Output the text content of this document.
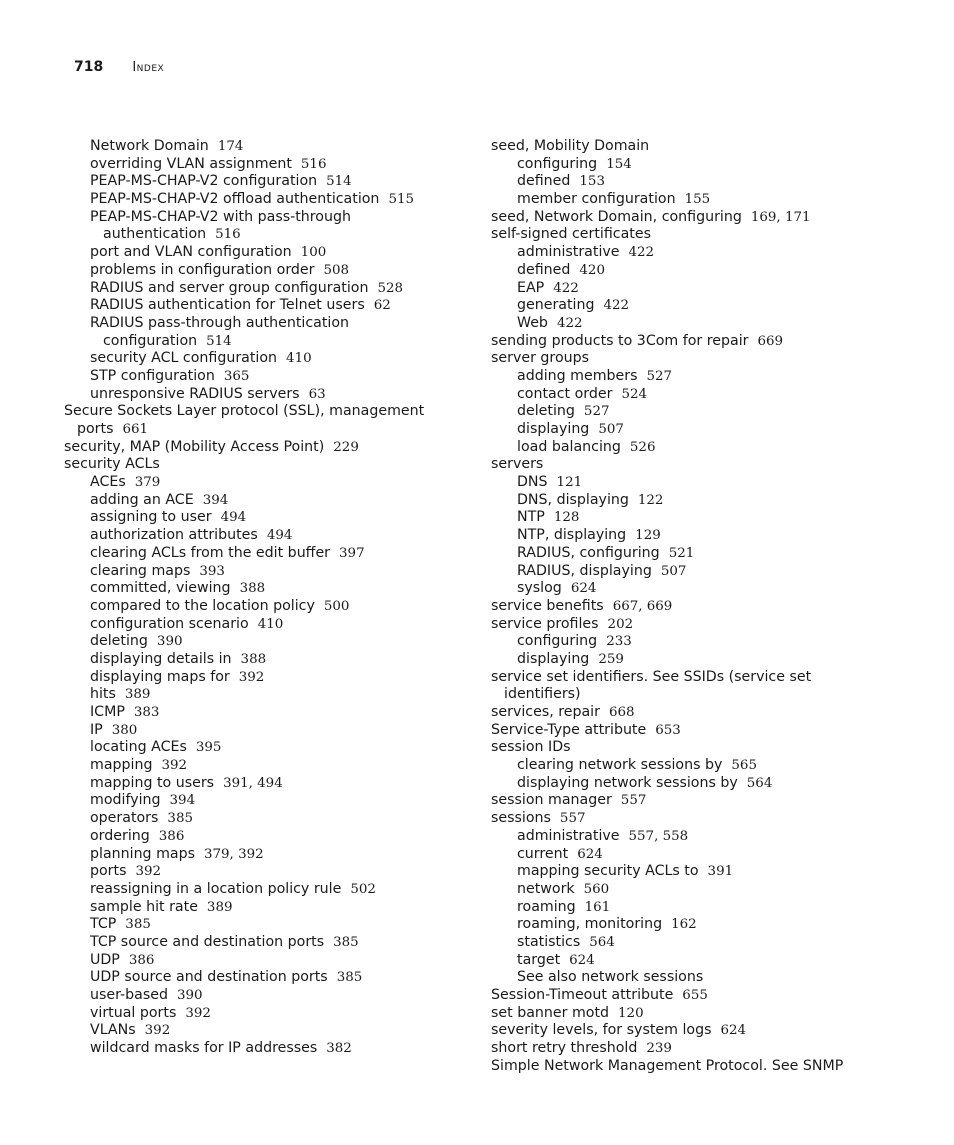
718 Index
Network Domain 174
overriding VLAN assignment 516
PEAP-MS-CHAP-V2 configuration 514
PEAP-MS-CHAP-V2 offload authentication 515
PEAP-MS-CHAP-V2 with pass-through
authentication 516
port and VLAN configuration 100
problems in configuration order 508
RADIUS and server group configuration 528
RADIUS authentication for Telnet users 62
RADIUS pass-through authentication
configuration 514
security ACL configuration 410
STP configuration 365
unresponsive RADIUS servers 63
Secure Sockets Layer protocol (SSL), management
ports 661
security, MAP (Mobility Access Point) 229
security ACLs
ACEs 379
adding an ACE 394
assigning to user 494
authorization attributes 494
clearing ACLs from the edit buffer 397
clearing maps 393
committed, viewing 388
compared to the location policy 500
configuration scenario 410
deleting 390
displaying details in 388
displaying maps for 392
hits 389
ICMP 383
IP 380
locating ACEs 395
mapping 392
mapping to users 391, 494
modifying 394
operators 385
ordering 386
planning maps 379, 392
ports 392
reassigning in a location policy rule 502
sample hit rate 389
TCP 385
TCP source and destination ports 385
UDP 386
UDP source and destination ports 385
user-based 390
virtual ports 392
VLANs 392
wildcard masks for IP addresses 382
seed, Mobility Domain
configuring 154
defined 153
member configuration 155
seed, Network Domain, configuring 169, 171
self-signed certificates
administrative 422
defined 420
EAP 422
generating 422
Web 422
sending products to 3Com for repair 669
server groups
adding members 527
contact order 524
deleting 527
displaying 507
load balancing 526
servers
DNS 121
DNS, displaying 122
NTP 128
NTP, displaying 129
RADIUS, configuring 521
RADIUS, displaying 507
syslog 624
service benefits 667, 669
service profiles 202
configuring 233
displaying 259
service set identifiers. See SSIDs (service set
identifiers)
services, repair 668
Service-Type attribute 653
session IDs
clearing network sessions by 565
displaying network sessions by 564
session manager 557
sessions 557
administrative 557, 558
current 624
mapping security ACLs to 391
network 560
roaming 161
roaming, monitoring 162
statistics 564
target 624
See also network sessions
Session-Timeout attribute 655
set banner motd 120
severity levels, for system logs 624
short retry threshold 239
Simple Network Management Protocol. See SNMP
